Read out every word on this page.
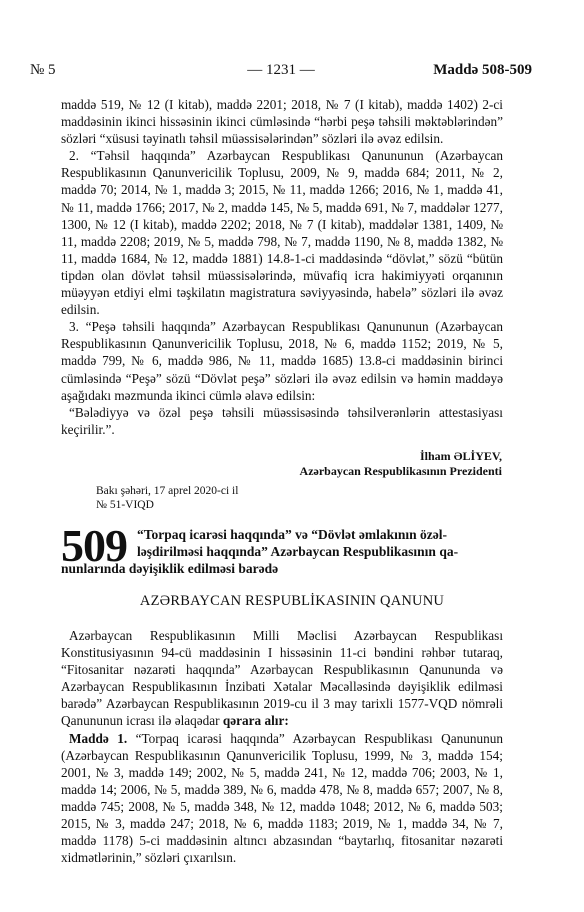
№ 5	— 1231 —	Maddə 508-509

maddə 519, № 12 (I kitab), maddə 2201; 2018, № 7 (I kitab), maddə 1402) 2-ci maddəsinin ikinci hissəsinin ikinci cümləsində “hərbi peşə təhsili məktəblərindən” sözləri “xüsusi təyinatlı təhsil müəssisələrindən” sözləri ilə əvəz edilsin.

2. “Təhsil haqqında” Azərbaycan Respublikası Qanununun (Azərbaycan Respublikasının Qanunvericilik Toplusu, 2009, № 9, maddə 684; 2011, № 2, maddə 70; 2014, № 1, maddə 3; 2015, № 11, maddə 1266; 2016, № 1, maddə 41, № 11, maddə 1766; 2017, № 2, maddə 145, № 5, maddə 691, № 7, maddələr 1277, 1300, № 12 (I kitab), maddə 2202; 2018, № 7 (I kitab), maddələr 1381, 1409, № 11, maddə 2208; 2019, № 5, maddə 798, № 7, maddə 1190, № 8, maddə 1382, № 11, maddə 1684, № 12, maddə 1881) 14.8-1-ci maddəsində “dövlət,” sözü “bütün tipdən olan dövlət təhsil müəssisələrində, müvafiq icra hakimiyyəti orqanının müəyyən etdiyi elmi təşkilatın magistratura səviyyəsində, habelə” sözləri ilə əvəz edilsin.

3. “Peşə təhsili haqqında” Azərbaycan Respublikası Qanununun (Azərbaycan Respublikasının Qanunvericilik Toplusu, 2018, № 6, maddə 1152; 2019, № 5, maddə 799, № 6, maddə 986, № 11, maddə 1685) 13.8-ci maddəsinin birinci cümləsində “Peşə” sözü “Dövlət peşə” sözləri ilə əvəz edilsin və həmin maddəyə aşağıdakı məzmunda ikinci cümlə əlavə edilsin:

“Bələdiyyə və özəl peşə təhsili müəssisəsində təhsilverənlərin attestasiyası keçirilir.”.

İlham ƏLİYEV,
Azərbaycan Respublikasının Prezidenti
Bakı şəhəri, 17 aprel 2020-ci il
№ 51-VIQD
509 “Torpaq icarəsi haqqında” və “Dövlət əmlakının özəl-
ləşdirilməsi haqqında” Azərbaycan Respublikasının qa-
nunlarında dəyişiklik edilməsi barədə
AZƏRBAYCAN RESPUBLİKASININ QANUNU

Azərbaycan Respublikasının Milli Məclisi Azərbaycan Respublikası Konstitusiyasının 94-cü maddəsinin I hissəsinin 11-ci bəndini rəhbər tutaraq, “Fitosanitar nəzarəti haqqında” Azərbaycan Respublikasının Qanununda və Azərbaycan Respublikasının İnzibati Xətalar Məcəlləsində dəyişiklik edilməsi barədə” Azərbaycan Respublikasının 2019-cu il 3 may tarixli 1577-VQD nömrəli Qanununun icrası ilə əlaqədar qərara alır:

Maddə 1. “Torpaq icarəsi haqqında” Azərbaycan Respublikası Qanununun (Azərbaycan Respublikasının Qanunvericilik Toplusu, 1999, № 3, maddə 154; 2001, № 3, maddə 149; 2002, № 5, maddə 241, № 12, maddə 706; 2003, № 1, maddə 14; 2006, № 5, maddə 389, № 6, maddə 478, № 8, maddə 657; 2007, № 8, maddə 745; 2008, № 5, maddə 348, № 12, maddə 1048; 2012, № 6, maddə 503; 2015, № 3, maddə 247; 2018, № 6, maddə 1183; 2019, № 1, maddə 34, № 7, maddə 1178) 5-ci maddəsinin altıncı abzasından “baytarlıq, fitosanitar nəzarəti xidmətlərinin,” sözləri çıxarılsın.
